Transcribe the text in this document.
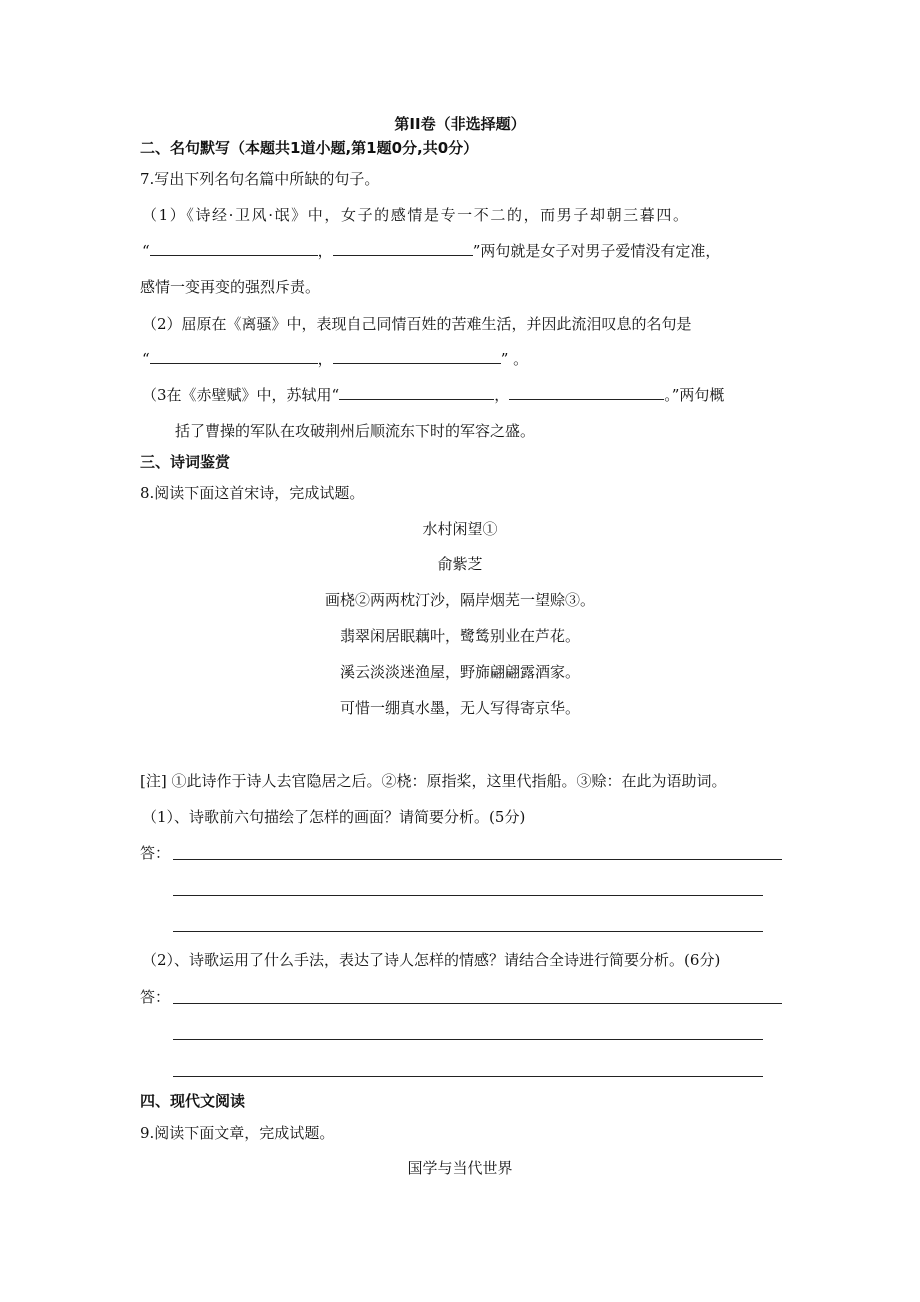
第II卷（非选择题）
二、名句默写（本题共1道小题,第1题0分,共0分）
7.写出下列名句名篇中所缺的句子。
（1）《诗经·卫风·氓》中，女子的感情是专一不二的，而男子却朝三暮四。
“	，	”两句就是女子对男子爱情没有定准，
感情一变再变的强烈斥责。
（2）屈原在《离骚》中，表现自己同情百姓的苦难生活，并因此流泪叹息的名句是
“	，	” 。
（3在《赤壁赋》中，苏轼用“	，	。”两句概
括了曹操的军队在攻破荆州后顺流东下时的军容之盛。
三、诗词鉴赏
8.阅读下面这首宋诗，完成试题。
水村闲望①
俞紫芝
画桡②两两枕汀沙，隔岸烟芜一望赊③。
翡翠闲居眠藕叶，鹭鸶别业在芦花。
溪云淡淡迷渔屋，野旆翩翩露酒家。
可惜一绷真水墨，无人写得寄京华。
[注] ①此诗作于诗人去官隐居之后。②桡：原指桨，这里代指船。③赊：在此为语助词。
（1）、诗歌前六句描绘了怎样的画面？请简要分析。(5分)
答：
（2）、诗歌运用了什么手法，表达了诗人怎样的情感？请结合全诗进行简要分析。(6分)
答：
四、现代文阅读
9.阅读下面文章，完成试题。
国学与当代世界
